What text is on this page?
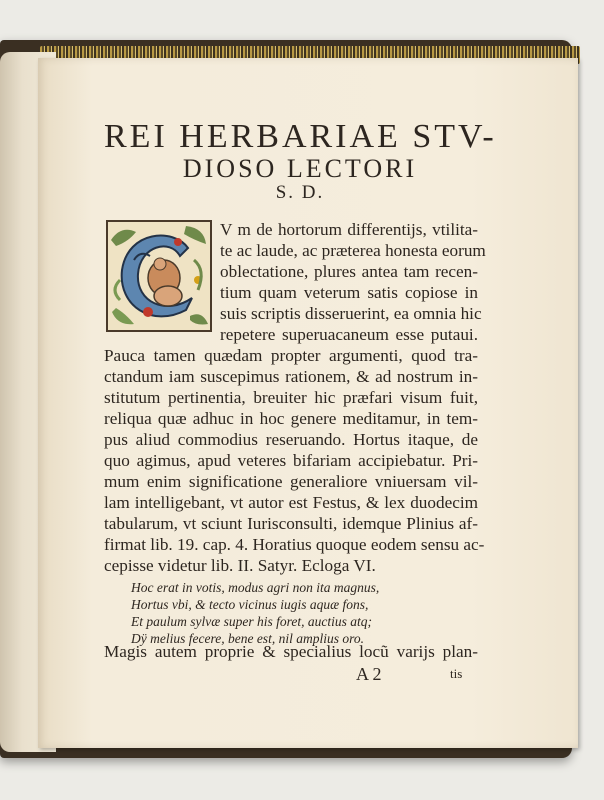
REI HERBARIAE STV-
DIOSO LECTORI
S. D.
V m de hortorum differentijs, vtilita-
te ac laude, ac præterea honesta eorum
oblectatione, plures antea tam recen-
tium quam veterum satis copiose in
suis scriptis disseruerint, ea omnia hic
repetere superuacaneum esse putaui.
Pauca tamen quædam propter argumenti, quod tra-
ctandum iam suscepimus rationem, & ad nostrum in-
stitutum pertinentia, breuiter hic præfari visum fuit,
reliqua quæ adhuc in hoc genere meditamur, in tem-
pus aliud commodius reseruando. Hortus itaque, de
quo agimus, apud veteres bifariam accipiebatur. Pri-
mum enim significatione generaliore vniuersam vil-
lam intelligebant, vt autor est Festus, & lex duodecim
tabularum, vt sciunt Iurisconsulti, idemque Plinius af-
firmat lib. 19. cap. 4. Horatius quoque eodem sensu ac-
cepisse videtur lib. II. Satyr. Ecloga VI.
Hoc erat in votis, modus agri non ita magnus,
Hortus vbi, & tecto vicinus iugis aquæ fons,
Et paulum sylvæ super his foret, auctius atq;
Dÿ melius fecere, bene est, nil amplius oro.
Magis autem proprie & specialius locũ varijs plan-
A 2	tis
